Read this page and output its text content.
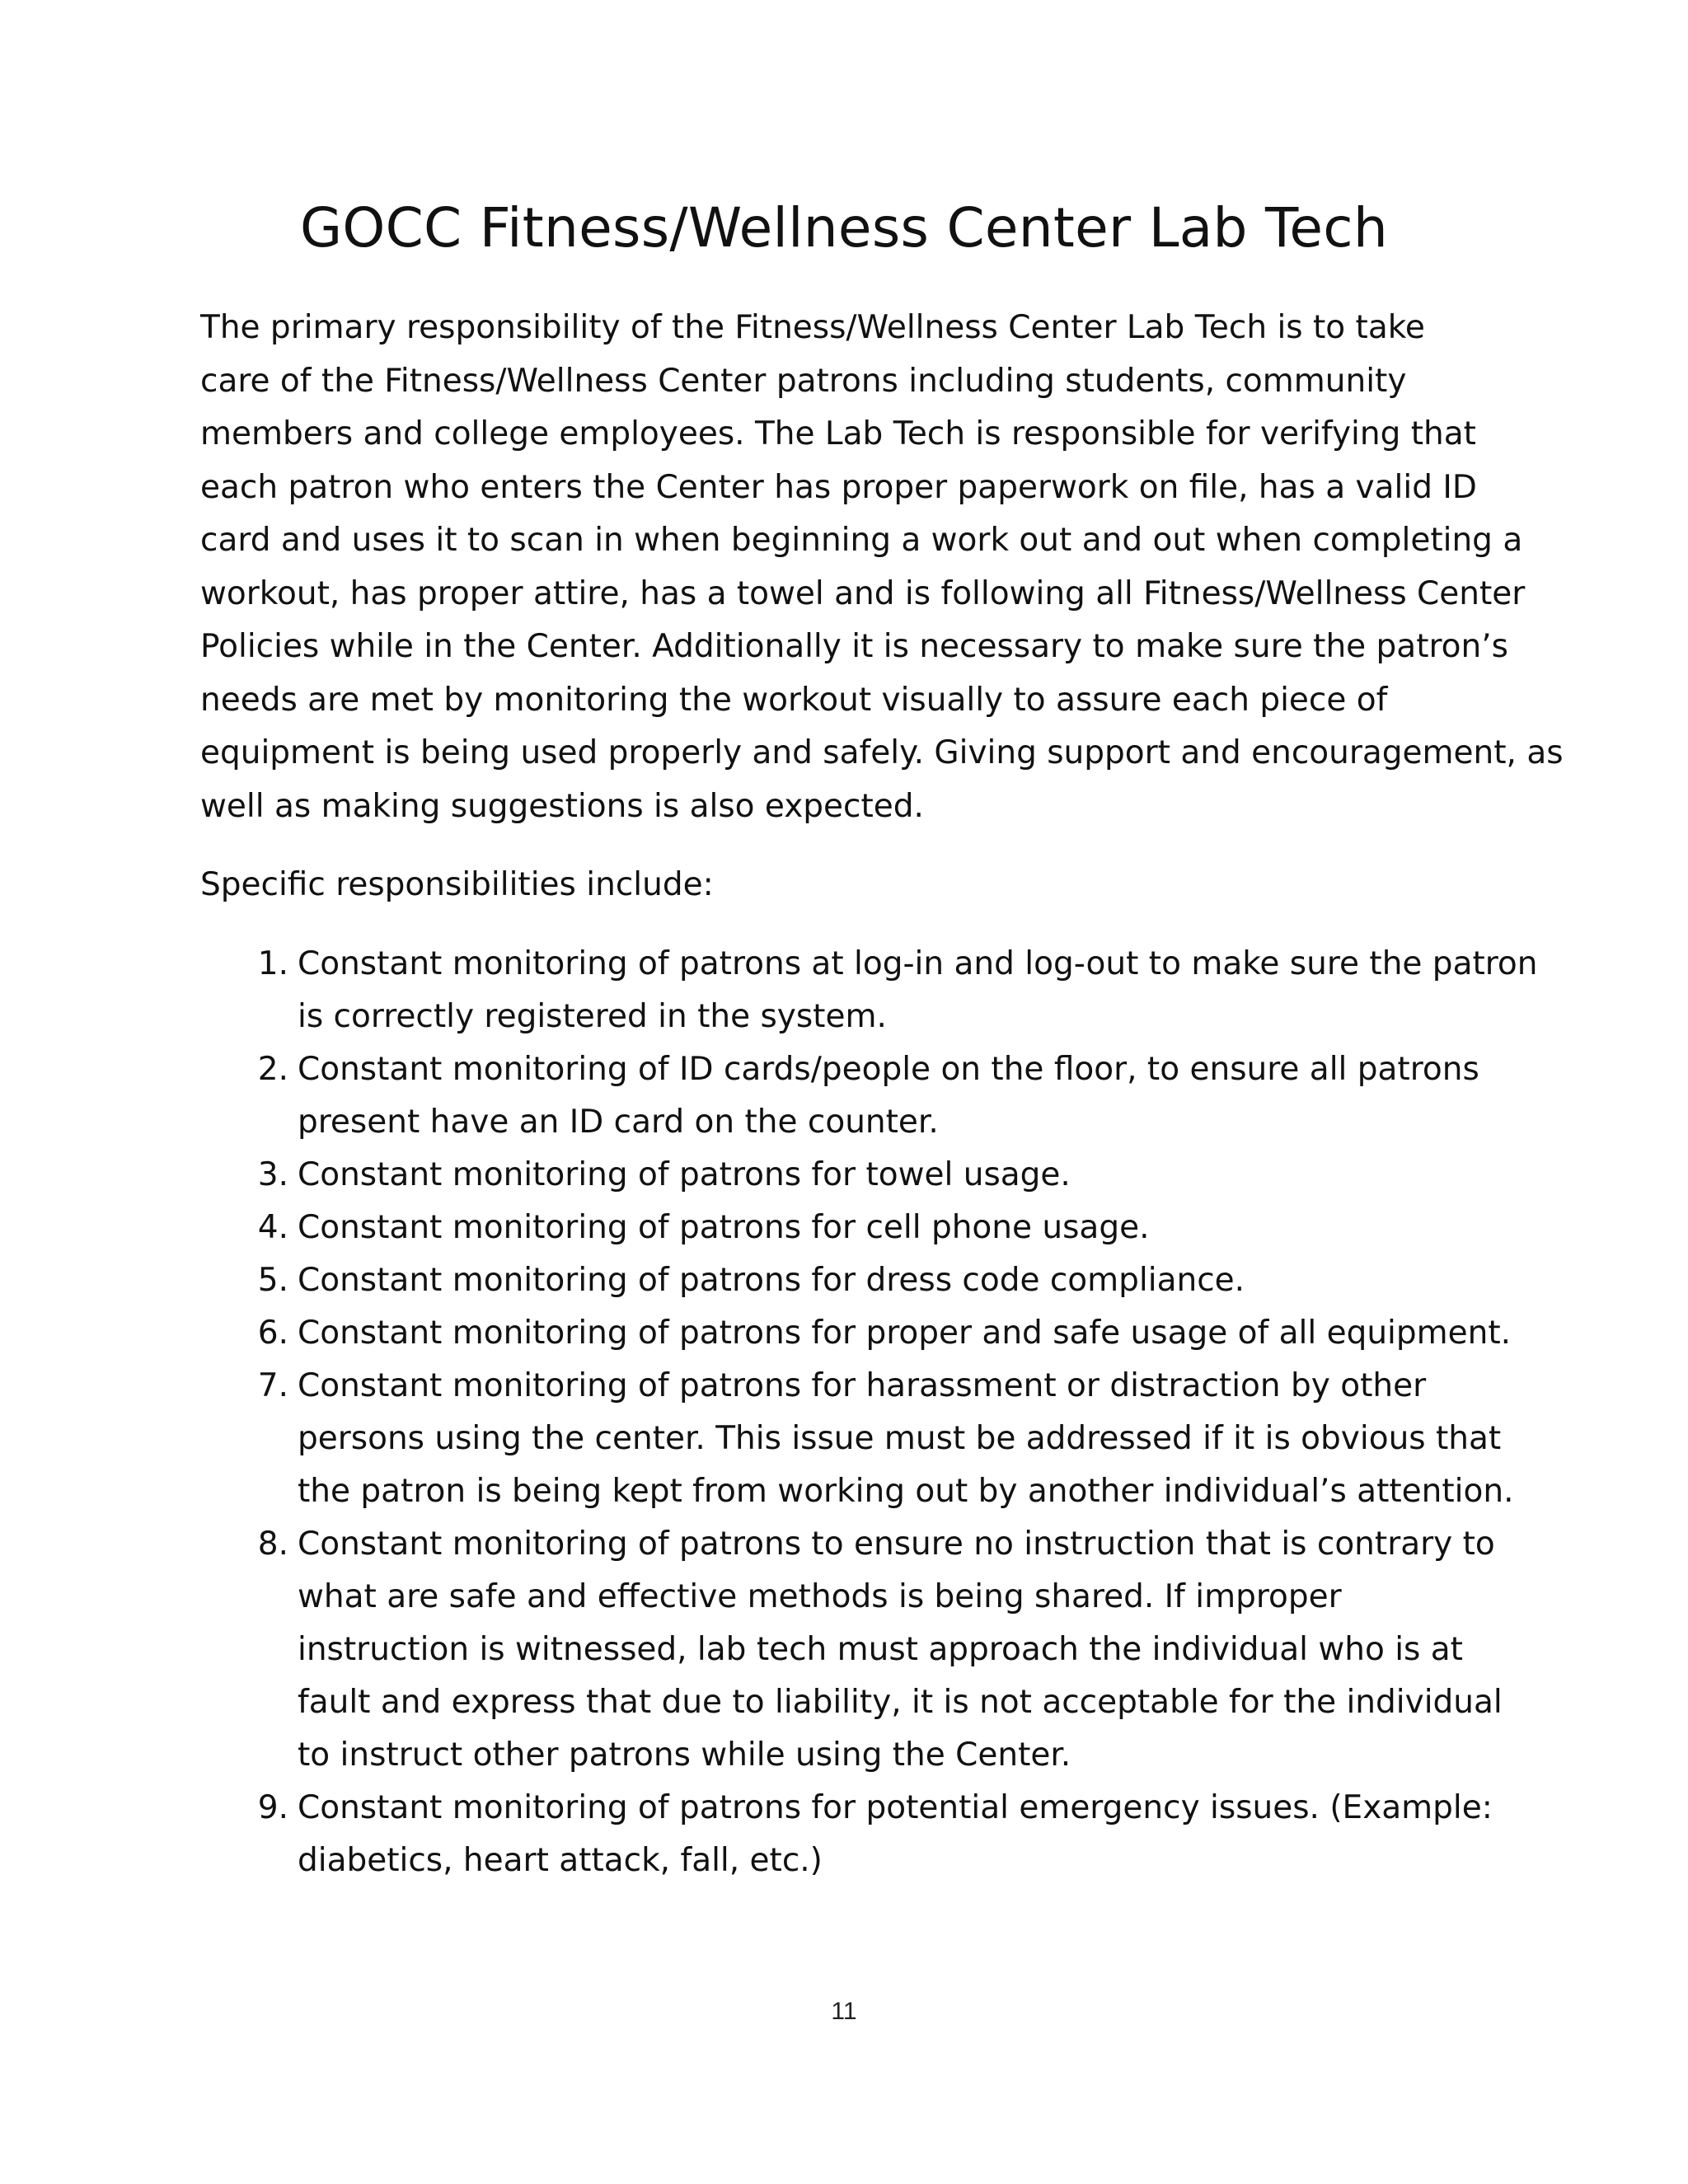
GOCC Fitness/Wellness Center Lab Tech

The primary responsibility of the Fitness/Wellness Center Lab Tech is to take
care of the Fitness/Wellness Center patrons including students, community
members and college employees. The Lab Tech is responsible for verifying that
each patron who enters the Center has proper paperwork on file, has a valid ID
card and uses it to scan in when beginning a work out and out when completing a
workout, has proper attire, has a towel and is following all Fitness/Wellness Center
Policies while in the Center. Additionally it is necessary to make sure the patron’s
needs are met by monitoring the workout visually to assure each piece of
equipment is being used properly and safely. Giving support and encouragement, as
well as making suggestions is also expected.

Specific responsibilities include:

1. Constant monitoring of patrons at log-in and log-out to make sure the patron
is correctly registered in the system.
2. Constant monitoring of ID cards/people on the floor, to ensure all patrons
present have an ID card on the counter.
3. Constant monitoring of patrons for towel usage.
4. Constant monitoring of patrons for cell phone usage.
5. Constant monitoring of patrons for dress code compliance.
6. Constant monitoring of patrons for proper and safe usage of all equipment.
7. Constant monitoring of patrons for harassment or distraction by other
persons using the center. This issue must be addressed if it is obvious that
the patron is being kept from working out by another individual’s attention.
8. Constant monitoring of patrons to ensure no instruction that is contrary to
what are safe and effective methods is being shared. If improper
instruction is witnessed, lab tech must approach the individual who is at
fault and express that due to liability, it is not acceptable for the individual
to instruct other patrons while using the Center.
9. Constant monitoring of patrons for potential emergency issues. (Example:
diabetics, heart attack, fall, etc.)
11
